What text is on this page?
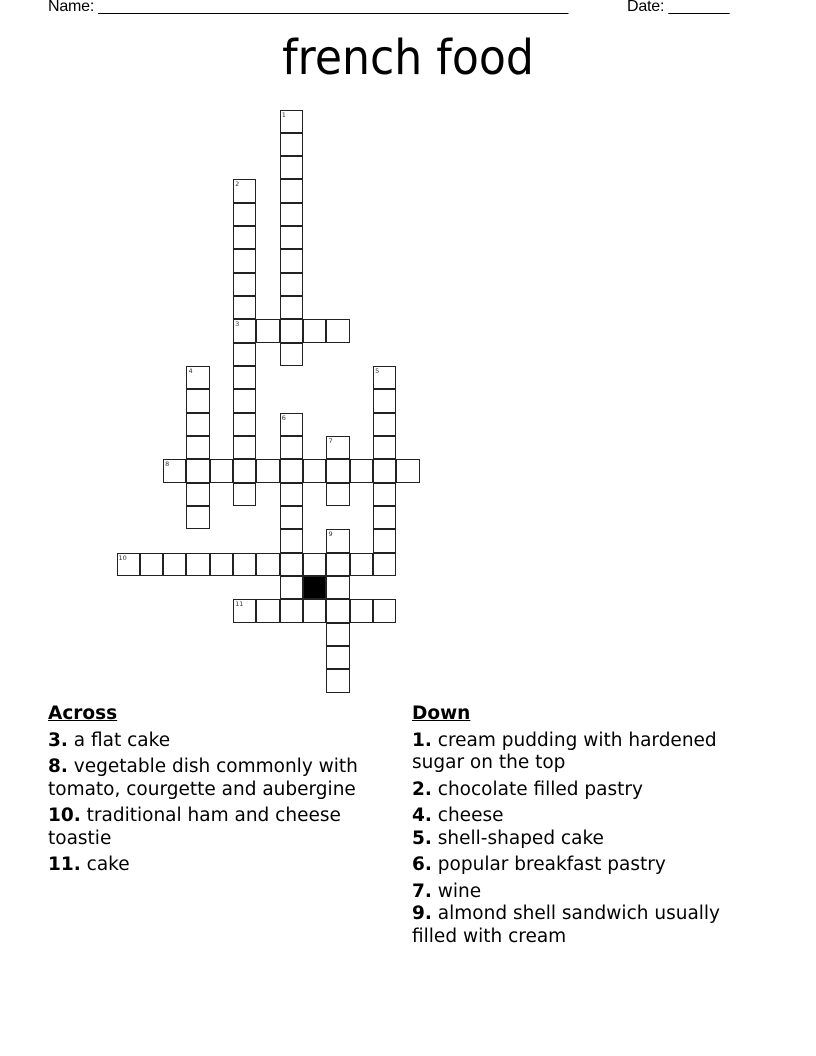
Name: ______________________________________________________	Date: _______
french food
1
2
3
4	5
6
7
8
9
10
11
Across
3. a flat cake
8. vegetable dish commonly with tomato, courgette and aubergine
10. traditional ham and cheese toastie
11. cake
Down
1. cream pudding with hardened sugar on the top
2. chocolate filled pastry
4. cheese
5. shell-shaped cake
6. popular breakfast pastry
7. wine
9. almond shell sandwich usually filled with cream
